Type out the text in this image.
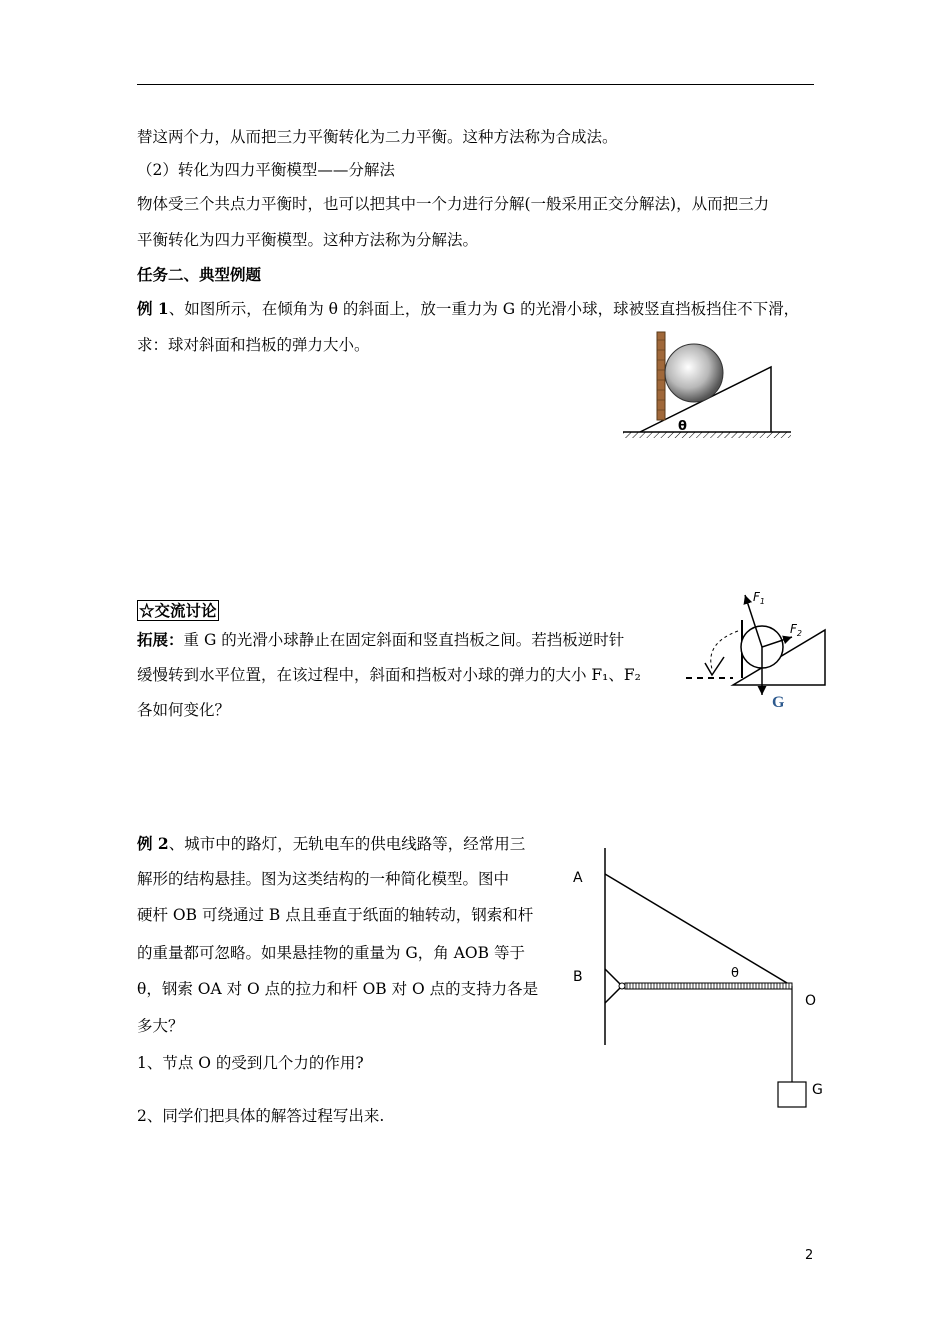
替这两个力，从而把三力平衡转化为二力平衡。这种方法称为合成法。
（2）转化为四力平衡模型——分解法
物体受三个共点力平衡时，也可以把其中一个力进行分解(一般采用正交分解法)，从而把三力
平衡转化为四力平衡模型。这种方法称为分解法。
任务二、典型例题
例 1、如图所示，在倾角为 θ 的斜面上，放一重力为 G 的光滑小球，球被竖直挡板挡住不下滑，
求：球对斜面和挡板的弹力大小。
θ
☆交流讨论
拓展：重 G 的光滑小球静止在固定斜面和竖直挡板之间。若挡板逆时针
缓慢转到水平位置，在该过程中，斜面和挡板对小球的弹力的大小 F₁、F₂
各如何变化？
$F_1$
$F_2$
G
例 2、城市中的路灯，无轨电车的供电线路等，经常用三
解形的结构悬挂。图为这类结构的一种简化模型。图中
硬杆 OB 可绕通过 B 点且垂直于纸面的轴转动，钢索和杆
的重量都可忽略。如果悬挂物的重量为 G，角 AOB 等于
θ，钢索 OA 对 O 点的拉力和杆 OB 对 O 点的支持力各是
多大？
1、节点 O 的受到几个力的作用?
2、同学们把具体的解答过程写出来.
A
B
O
G
θ
2
